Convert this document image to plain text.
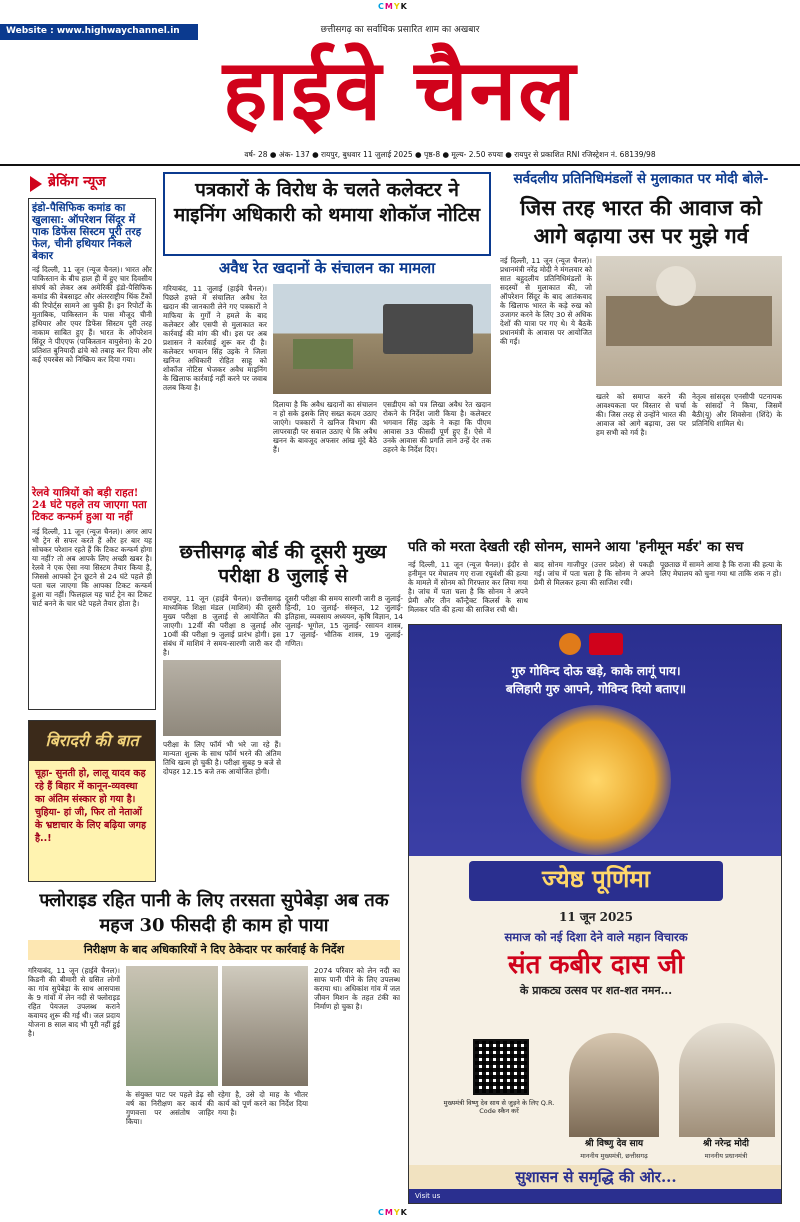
CMYK
Website : www.highwaychannel.in	छत्तीसगढ़ का सर्वाधिक प्रसारित शाम का अखबार
हाईवे चैनल
वर्ष- 28 ● अंक- 137 ● रायपुर, बुधवार 11 जुलाई 2025 ● पृष्ठ-8 ● मूल्य- 2.50 रुपया ● रायपुर से प्रकाशित RNI रजिस्ट्रेशन नं. 68139/98
ब्रेकिंग न्यूज
इंडो-पैसिफिक कमांड का खुलासा: ऑपरेशन सिंदूर में पाक डिफेंस सिस्टम पूरी तरह फेल, चीनी हथियार निकले बेकार
नई दिल्ली, 11 जून (न्यूज चैनल)। भारत और पाकिस्तान के बीच हाल ही में हुए चार दिवसीय संघर्ष को लेकर अब अमेरिकी इंडो-पैसिफिक कमांड की वेबसाइट और अंतरराष्ट्रीय थिंक टैंकों की रिपोर्ट्स सामने आ चुकी हैं। इन रिपोर्टों के मुताबिक, पाकिस्तान के पास मौजूद चीनी हथियार और एयर डिफेंस सिस्टम पूरी तरह नाकाम साबित हुए हैं। भारत के ऑपरेशन सिंदूर ने पीएएफ (पाकिस्तान वायुसेना) के 20 प्रतिशत बुनियादी ढांचे को तबाह कर दिया और कई एयरबेस को निष्क्रिय कर दिया गया।
रेलवे यात्रियों को बड़ी राहत! 24 घंटे पहले तय जाएगा पता टिकट कन्फर्म हुआ या नहीं
नई दिल्ली, 11 जून (न्यूज चैनल)। अगर आप भी ट्रेन से सफर करते हैं और हर बार यह सोचकर परेशान रहते हैं कि टिकट कन्फर्म होगा या नहीं? तो अब आपके लिए अच्छी खबर है। रेलवे ने एक ऐसा नया सिस्टम तैयार किया है, जिससे आपको ट्रेन छूटने से 24 घंटे पहले ही पता चल जाएगा कि आपका टिकट कन्फर्म हुआ या नहीं। फिलहाल यह चार्ट ट्रेन का टिकट चार्ट बनने के चार घंटे पहले तैयार होता है।
बिरादरी की बात
चूहा- सुनती हो, लालू यादव कह रहे हैं बिहार में कानून-व्यवस्था का अंतिम संस्कार हो गया है। चुहिया- हां जी, फिर तो नेताओं के भ्रष्टाचार के लिए बढ़िया जगह है..!
पत्रकारों के विरोध के चलते कलेक्टर ने माइनिंग अधिकारी को थमाया शोकॉज नोटिस
अवैध रेत खदानों के संचालन का मामला
गरियाबंद, 11 जुलाई (हाईवे चैनल)। पिछले हफ्ते में संचालित अवैध रेत खदान की जानकारी लेने गए पत्रकारों ने माफिया के गुर्गों ने हमले के बाद कलेक्टर और एसपी से मुलाकात कर कार्रवाई की मांग की थी। इस पर अब प्रशासन ने कार्रवाई शुरू कर दी है। कलेक्टर भगवान सिंह उइके ने जिला खनिज अधिकारी रोहित साहू को शोकॉज नोटिस भेजकर अवैध माइनिंग के खिलाफ कार्रवाई नहीं करने पर जवाब तलब किया है।
दिलाया है कि अवैध खदानों का संचालन न हो सके इसके लिए सख्त कदम उठाए जाएंगे। पत्रकारों ने खनिज विभाग की लापरवाही पर सवाल उठाए थे कि अवैध खनन के बावजूद अफसर आंख मूंदे बैठे हैं।
एसडीएम को पत्र लिखा अवैध रेत खदान रोकने के निर्देश जारी किया है। कलेक्टर भगवान सिंह उइके ने कहा कि पीएम आवास 33 फीसदी पूर्ण हुए हैं। ऐसे में उनके आवास की प्रगति लाने उन्हें देर तक ठहरने के निर्देश दिए।
सर्वदलीय प्रतिनिधिमंडलों से मुलाकात पर मोदी बोले-
जिस तरह भारत की आवाज को आगे बढ़ाया उस पर मुझे गर्व
नई दिल्ली, 11 जून (न्यूज चैनल)। प्रधानमंत्री नरेंद्र मोदी ने मंगलवार को सात बहुदलीय प्रतिनिधिमंडलों के सदस्यों से मुलाकात की, जो ऑपरेशन सिंदूर के बाद आतंकवाद के खिलाफ भारत के कड़े रुख को उजागर करने के लिए 30 से अधिक देशों की यात्रा पर गए थे। ये बैठकें प्रधानमंत्री के आवास पर आयोजित की गईं।
खतरे को समाप्त करने की आवश्यकता पर विस्तार से चर्चा की। जिस तरह से उन्होंने भारत की आवाज को आगे बढ़ाया, उस पर हम सभी को गर्व है।
नेतृत्व सांसद्स एनसीपी पटनायक के सांसदों ने किया, जिसमें बैठी(यू) और शिवसेना (शिंदे) के प्रतिनिधि शामिल थे।
छत्तीसगढ़ बोर्ड की दूसरी मुख्य परीक्षा 8 जुलाई से
रायपुर, 11 जून (हाईवे चैनल)। छत्तीसगढ़ माध्यमिक शिक्षा मंडल (माशिमं) की दूसरी मुख्य परीक्षा 8 जुलाई से आयोजित की जाएगी। 12वीं की परीक्षा 8 जुलाई और 10वीं की परीक्षा 9 जुलाई प्रारंभ होगी। इस संबंध में माशिमं ने समय-सारणी जारी कर दी है।
परीक्षा के लिए फॉर्म भी भरे जा रहे हैं। मान्यता शुल्क के साथ फॉर्म भरने की अंतिम तिथि खत्म हो चुकी है। परीक्षा सुबह 9 बजे से दोपहर 12.15 बजे तक आयोजित होगी।
दूसरी परीक्षा की समय सारणी जारी 8 जुलाई- हिन्दी, 10 जुलाई- संस्कृत, 12 जुलाई- इतिहास, व्यवसाय अध्ययन, कृषि विज्ञान, 14 जुलाई- भूगोल, 15 जुलाई- रसायन शास्त्र, 17 जुलाई- भौतिक शास्त्र, 19 जुलाई- गणित।
पति को मरता देखती रही सोनम, सामने आया 'हनीमून मर्डर' का सच
नई दिल्ली, 11 जून (न्यूज चैनल)। इंदौर से हनीमून पर मेघालय गए राजा रघुवंशी की हत्या के मामले में सोनम को गिरफ्तार कर लिया गया है। जांच में पता चला है कि सोनम ने अपने प्रेमी और तीन कॉन्ट्रैक्ट किलर्स के साथ मिलकर पति की हत्या की साजिश रची थी।
बाद सोनम गाजीपुर (उत्तर प्रदेश) से पकड़ी गई। जांच में पता चला है कि सोनम ने अपने प्रेमी से मिलकर हत्या की साजिश रची।
पूछताछ में सामने आया है कि राजा की हत्या के लिए मेघालय को चुना गया था ताकि शक न हो।
गुरु गोविन्द दोऊ खड़े, काके लागूं पाय।
बलिहारी गुरु आपने, गोविन्द दियो बताए॥
ज्येष्ठ पूर्णिमा
11 जून 2025
समाज को नई दिशा देने वाले महान विचारक
संत कबीर दास जी
के प्राकट्य उत्सव पर शत-शत नमन...
मुख्यमंत्री विष्णु देव साय से जुड़ने के लिए Q.R. Code स्कैन करें
श्री विष्णु देव साय
माननीय मुख्यमंत्री, छत्तीसगढ़
श्री नरेन्द्र मोदी
माननीय प्रधानमंत्री
सुशासन से समृद्धि की ओर...
Visit us
फ्लोराइड रहित पानी के लिए तरसता सुपेबेड़ा अब तक महज 30 फीसदी ही काम हो पाया
निरीक्षण के बाद अधिकारियों ने दिए ठेकेदार पर कार्रवाई के निर्देश
गरियाबंद, 11 जून (हाईवे चैनल)। किडनी की बीमारी से ग्रसित लोगों का गांव सुपेबेड़ा के साथ आसपास के 9 गांवों में लेन नदी से फ्लोराइड रहित पेयजल उपलब्ध कराने कवायद शुरू की गई थी। जल प्रदाय योजना 8 साल बाद भी पूरी नहीं हुई है।
के संयुक्त पाट पर पहले डेढ़ सौ वर्ष का निरीक्षण कर कार्य की गुणवत्ता पर असंतोष जाहिर किया।
रहेगा है, उसे दो माह के भीतर कार्य को पूर्ण करने का निर्देश दिया गया है।
2074 परिवार को लेन नदी का साफ पानी पीने के लिए उपलब्ध कराया था। अधिकांश गांव में जल जीवन मिशन के तहत टंकी का निर्माण हो चुका है।
CMYK
